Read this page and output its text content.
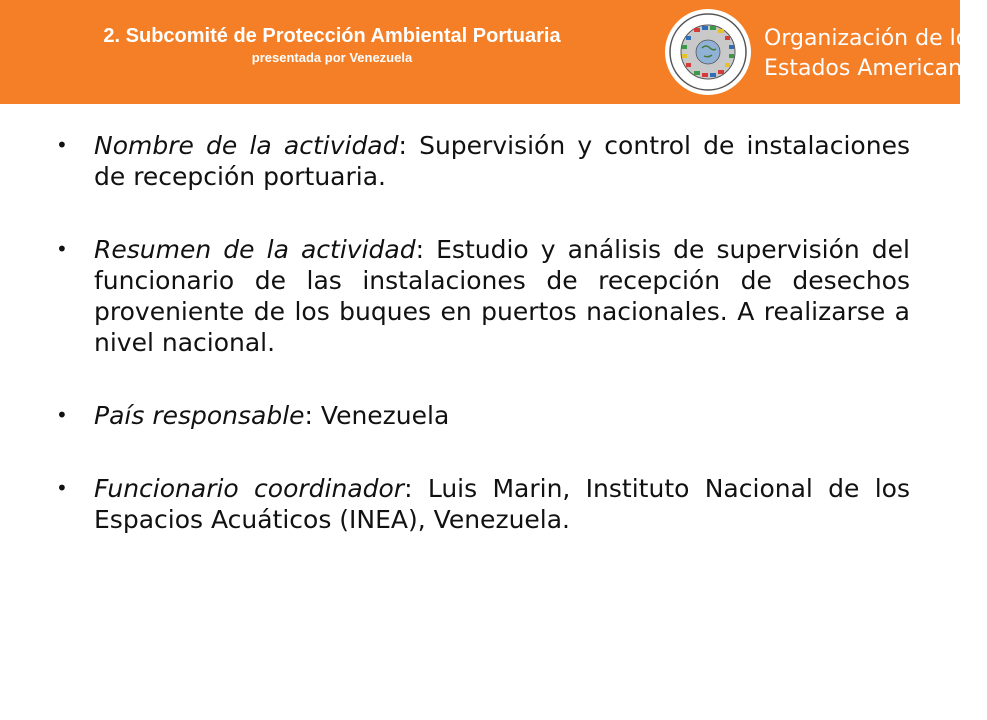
2. Subcomité de Protección Ambiental Portuaria
presentada por Venezuela
Organización de los
Estados Americanos
• Nombre de la actividad: Supervisión y control de instalaciones de recepción portuaria.
• Resumen de la actividad: Estudio y análisis de supervisión del funcionario de las instalaciones de recepción de desechos proveniente de los buques en puertos nacionales. A realizarse a nivel nacional.
• País responsable: Venezuela
• Funcionario coordinador: Luis Marin, Instituto Nacional de los Espacios Acuáticos (INEA), Venezuela.
